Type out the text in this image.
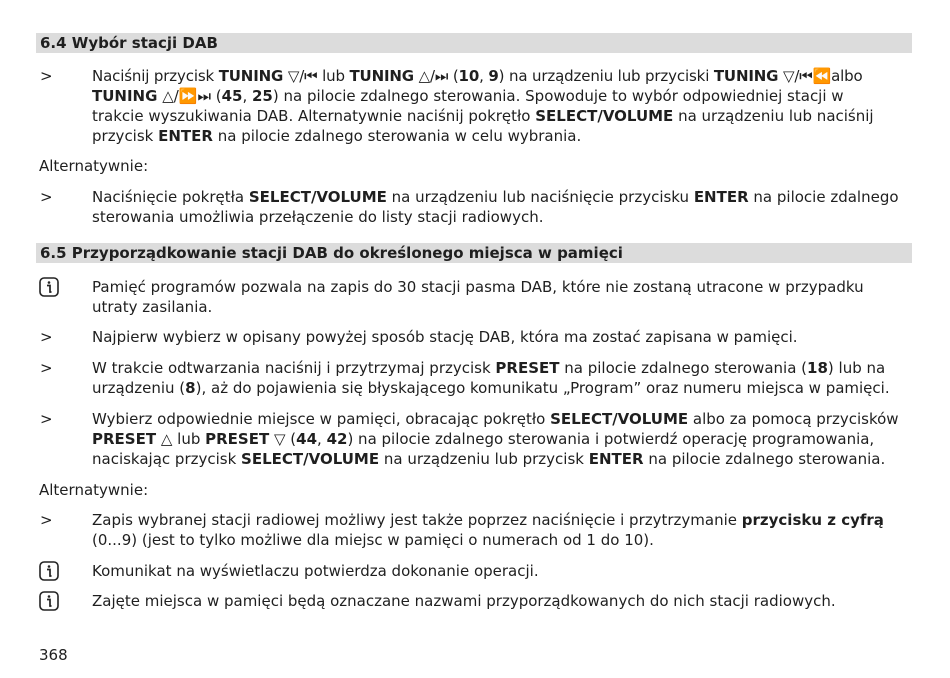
6.4 Wybór stacji DAB
>	Naciśnij przycisk TUNING ▽/⏮ lub TUNING △/⏭ (10, 9) na urządzeniu lub przyciski TUNING ▽/⏮⏪albo
TUNING △/⏩⏭ (45, 25) na pilocie zdalnego sterowania. Spowoduje to wybór odpowiedniej stacji w
trakcie wyszukiwania DAB. Alternatywnie naciśnij pokrętło SELECT/VOLUME na urządzeniu lub naciśnij
przycisk ENTER na pilocie zdalnego sterowania w celu wybrania.
Alternatywnie:
>	Naciśnięcie pokrętła SELECT/VOLUME na urządzeniu lub naciśnięcie przycisku ENTER na pilocie zdalnego
sterowania umożliwia przełączenie do listy stacji radiowych.
6.5 Przyporządkowanie stacji DAB do określonego miejsca w pamięci
Pamięć programów pozwala na zapis do 30 stacji pasma DAB, które nie zostaną utracone w przypadku
utraty zasilania.
>	Najpierw wybierz w opisany powyżej sposób stację DAB, która ma zostać zapisana w pamięci.
>	W trakcie odtwarzania naciśnij i przytrzymaj przycisk PRESET na pilocie zdalnego sterowania (18) lub na
urządzeniu (8), aż do pojawienia się błyskającego komunikatu „Program” oraz numeru miejsca w pamięci.
>	Wybierz odpowiednie miejsce w pamięci, obracając pokrętło SELECT/VOLUME albo za pomocą przycisków
PRESET △ lub PRESET ▽ (44, 42) na pilocie zdalnego sterowania i potwierdź operację programowania,
naciskając przycisk SELECT/VOLUME na urządzeniu lub przycisk ENTER na pilocie zdalnego sterowania.
Alternatywnie:
>	Zapis wybranej stacji radiowej możliwy jest także poprzez naciśnięcie i przytrzymanie przycisku z cyfrą
(0...9) (jest to tylko możliwe dla miejsc w pamięci o numerach od 1 do 10).
Komunikat na wyświetlaczu potwierdza dokonanie operacji.
Zajęte miejsca w pamięci będą oznaczane nazwami przyporządkowanych do nich stacji radiowych.
368
